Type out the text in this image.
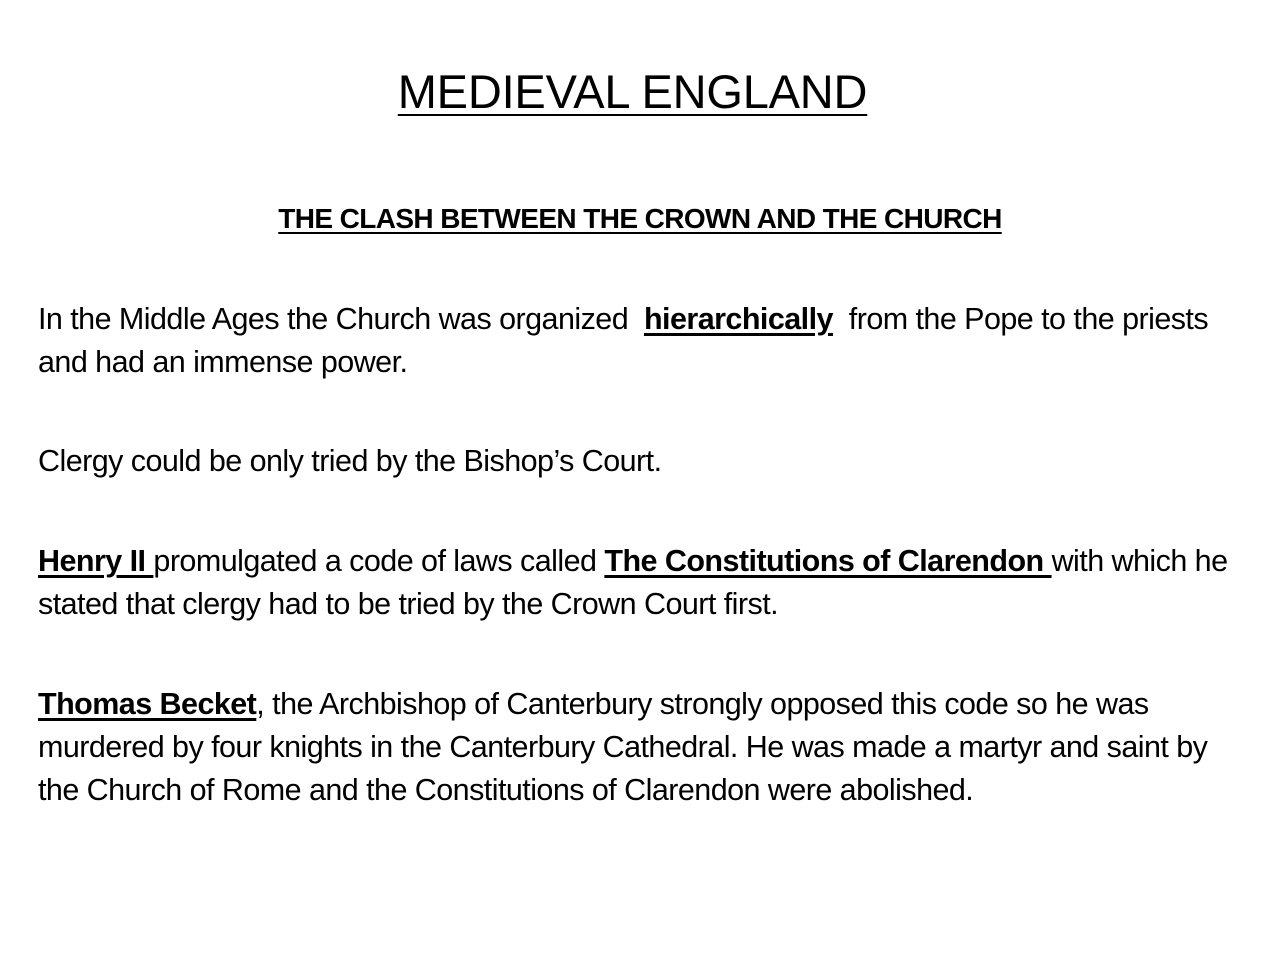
MEDIEVAL ENGLAND
THE CLASH BETWEEN THE CROWN AND THE CHURCH
In the Middle Ages the Church was organized  hierarchically  from the Pope to the priests and had an immense power.
Clergy could be only tried by the Bishop’s Court.
Henry II promulgated a code of laws called The Constitutions of Clarendon with which he stated that clergy had to be tried by the Crown Court first.
Thomas Becket, the Archbishop of Canterbury strongly opposed this code so he was murdered by four knights in the Canterbury Cathedral. He was made a martyr and saint by the Church of Rome and the Constitutions of Clarendon were abolished.
